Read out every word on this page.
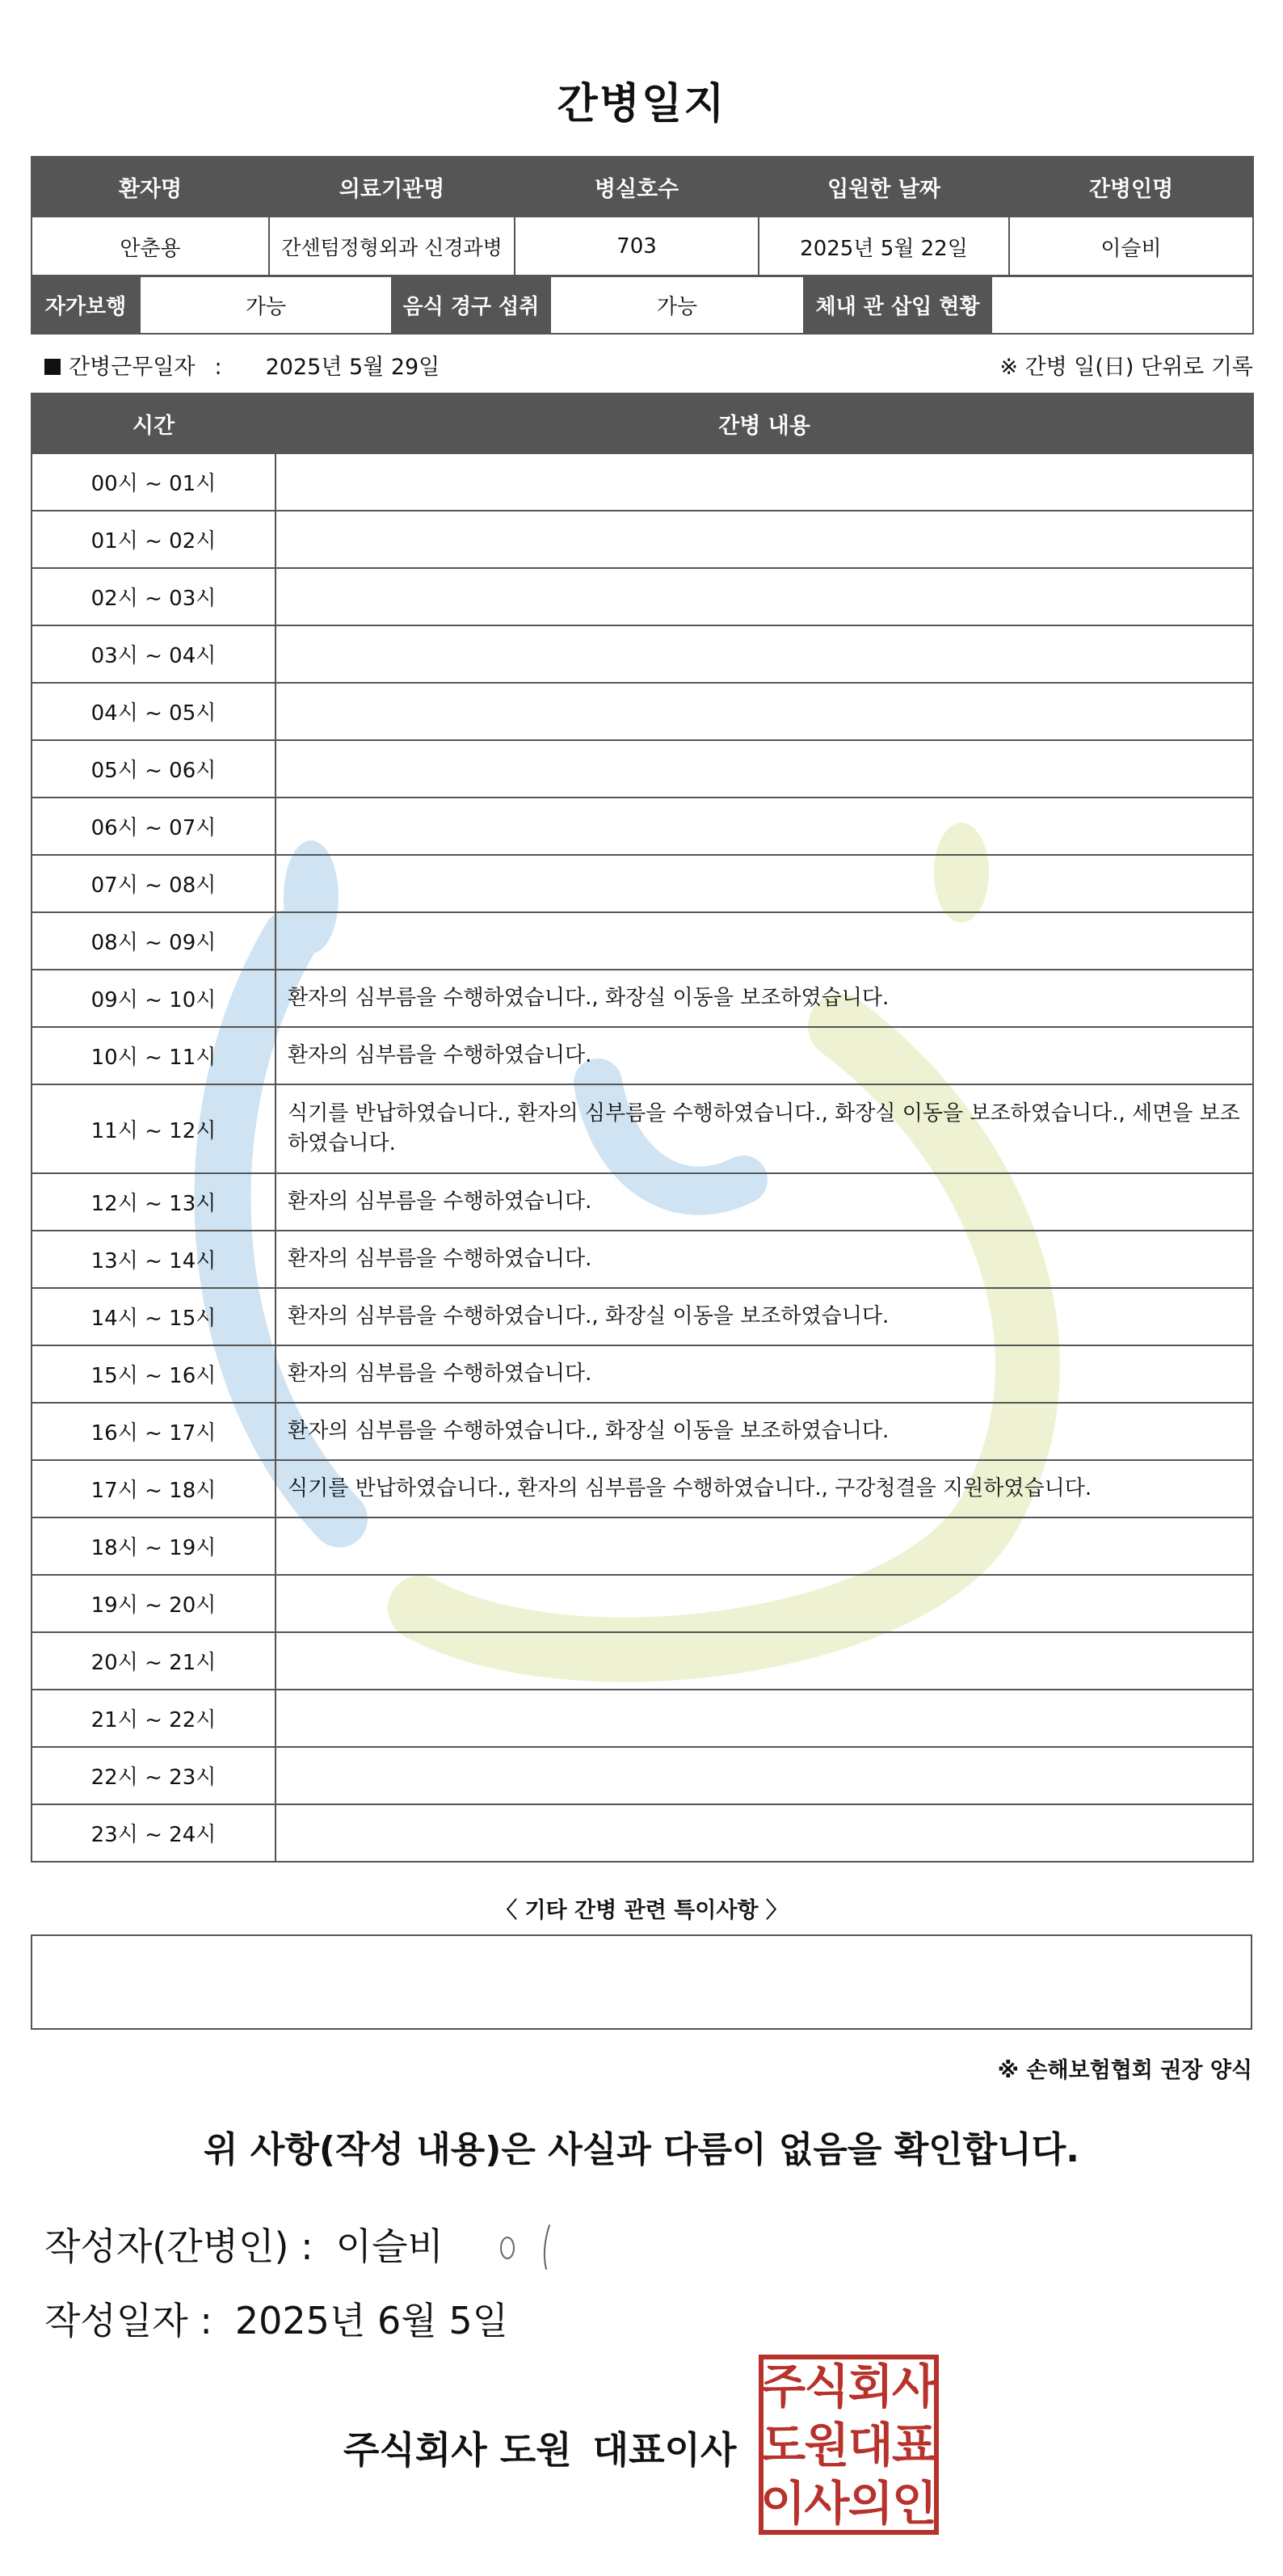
간병일지
환자명	의료기관명	병실호수	입원한 날짜	간병인명
안춘용	간센텀정형외과 신경과병	703	2025년 5월 22일	이슬비
자가보행	가능	음식 경구 섭취	가능	체내 관 삽입 현황	
간병근무일자 : 2025년 5월 29일	※ 간병 일(日) 단위로 기록
시간	간병 내용
00시 ~ 01시	
01시 ~ 02시	
02시 ~ 03시	
03시 ~ 04시	
04시 ~ 05시	
05시 ~ 06시	
06시 ~ 07시	
07시 ~ 08시	
08시 ~ 09시	
09시 ~ 10시	환자의 심부름을 수행하였습니다., 화장실 이동을 보조하였습니다.
10시 ~ 11시	환자의 심부름을 수행하였습니다.
11시 ~ 12시	식기를 반납하였습니다., 환자의 심부름을 수행하였습니다., 화장실 이동을 보조하였습니다., 세면을 보조하였습니다.
12시 ~ 13시	환자의 심부름을 수행하였습니다.
13시 ~ 14시	환자의 심부름을 수행하였습니다.
14시 ~ 15시	환자의 심부름을 수행하였습니다., 화장실 이동을 보조하였습니다.
15시 ~ 16시	환자의 심부름을 수행하였습니다.
16시 ~ 17시	환자의 심부름을 수행하였습니다., 화장실 이동을 보조하였습니다.
17시 ~ 18시	식기를 반납하였습니다., 환자의 심부름을 수행하였습니다., 구강청결을 지원하였습니다.
18시 ~ 19시	
19시 ~ 20시	
20시 ~ 21시	
21시 ~ 22시	
22시 ~ 23시	
23시 ~ 24시	
〈 기타 간병 관련 특이사항 〉
※ 손해보험협회 권장 양식
위 사항(작성 내용)은 사실과 다름이 없음을 확인합니다.
작성자(간병인) : 이슬비
작성일자 : 2025년 6월 5일
주식회사 도원 대표이사
주
식
회
사
도
원
대
표
이
사
의
인
